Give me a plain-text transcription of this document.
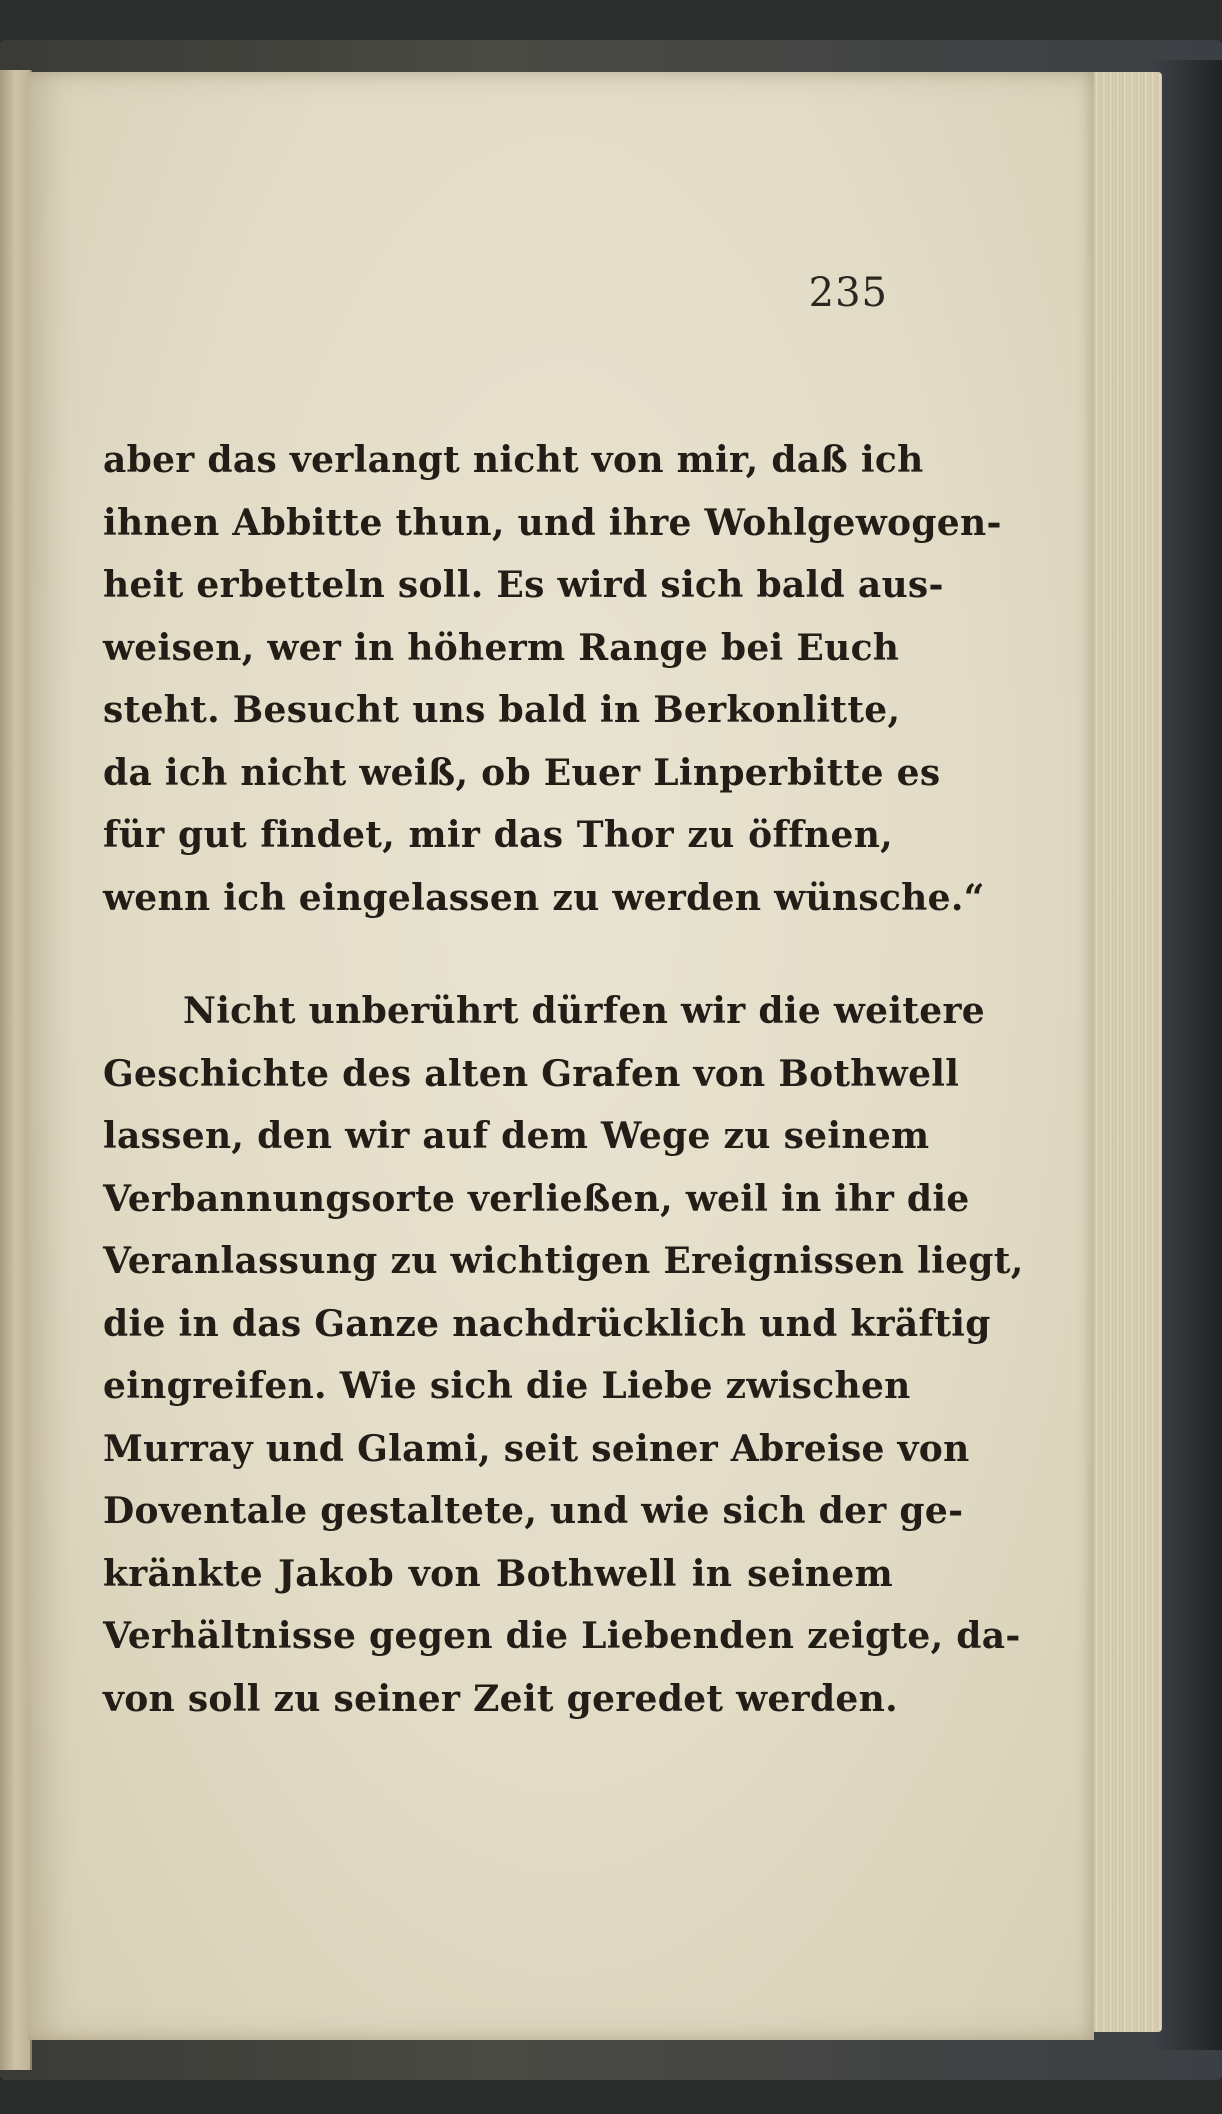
235
aber das verlangt nicht von mir, daß ich
ihnen Abbitte thun, und ihre Wohlgewogen-
heit erbetteln soll. Es wird sich bald aus-
weisen, wer in höherm Range bei Euch
steht. Besucht uns bald in Berkonlitte,
da ich nicht weiß, ob Euer Linperbitte es
für gut findet, mir das Thor zu öffnen,
wenn ich eingelassen zu werden wünsche.“
Nicht unberührt dürfen wir die weitere
Geschichte des alten Grafen von Bothwell
lassen, den wir auf dem Wege zu seinem
Verbannungsorte verließen, weil in ihr die
Veranlassung zu wichtigen Ereignissen liegt,
die in das Ganze nachdrücklich und kräftig
eingreifen. Wie sich die Liebe zwischen
Murray und Glami, seit seiner Abreise von
Doventale gestaltete, und wie sich der ge-
kränkte Jakob von Bothwell in seinem
Verhältnisse gegen die Liebenden zeigte, da-
von soll zu seiner Zeit geredet werden.
